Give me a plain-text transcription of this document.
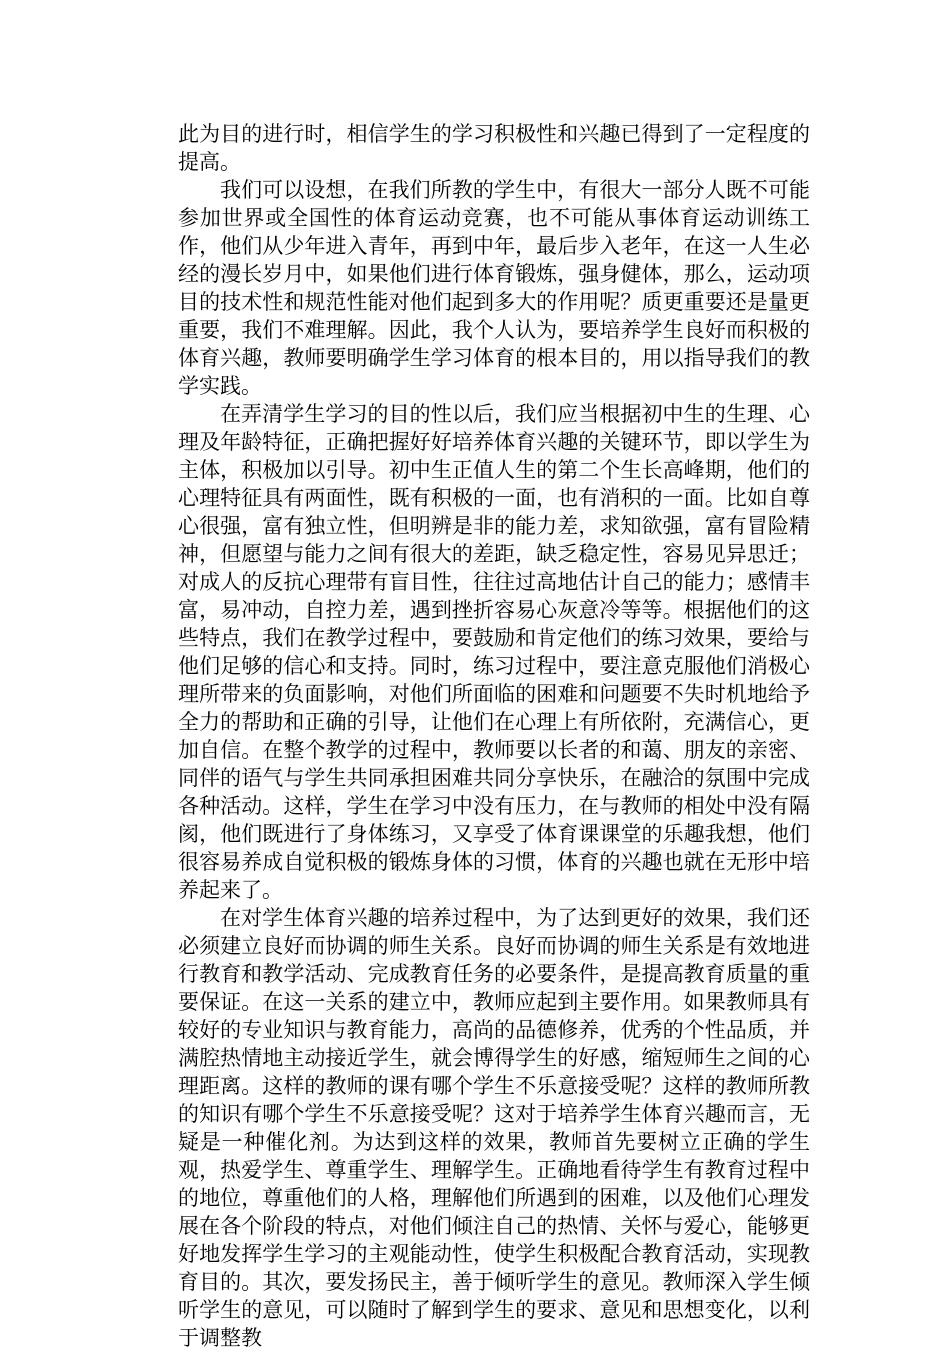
此为目的进行时，相信学生的学习积极性和兴趣已得到了一定程度的提高。

我们可以设想，在我们所教的学生中，有很大一部分人既不可能参加世界或全国性的体育运动竞赛，也不可能从事体育运动训练工作，他们从少年进入青年，再到中年，最后步入老年，在这一人生必经的漫长岁月中，如果他们进行体育锻炼，强身健体，那么，运动项目的技术性和规范性能对他们起到多大的作用呢？质更重要还是量更重要，我们不难理解。因此，我个人认为，要培养学生良好而积极的体育兴趣，教师要明确学生学习体育的根本目的，用以指导我们的教学实践。

在弄清学生学习的目的性以后，我们应当根据初中生的生理、心理及年龄特征，正确把握好好培养体育兴趣的关键环节，即以学生为主体，积极加以引导。初中生正值人生的第二个生长高峰期，他们的心理特征具有两面性，既有积极的一面，也有消积的一面。比如自尊心很强，富有独立性，但明辨是非的能力差，求知欲强，富有冒险精神，但愿望与能力之间有很大的差距，缺乏稳定性，容易见异思迁；对成人的反抗心理带有盲目性，往往过高地估计自己的能力；感情丰富，易冲动，自控力差，遇到挫折容易心灰意冷等等。根据他们的这些特点，我们在教学过程中，要鼓励和肯定他们的练习效果，要给与他们足够的信心和支持。同时，练习过程中，要注意克服他们消极心理所带来的负面影响，对他们所面临的困难和问题要不失时机地给予全力的帮助和正确的引导，让他们在心理上有所依附，充满信心，更加自信。在整个教学的过程中，教师要以长者的和蔼、朋友的亲密、同伴的语气与学生共同承担困难共同分享快乐，在融洽的氛围中完成各种活动。这样，学生在学习中没有压力，在与教师的相处中没有隔阂，他们既进行了身体练习，又享受了体育课课堂的乐趣我想，他们很容易养成自觉积极的锻炼身体的习惯，体育的兴趣也就在无形中培养起来了。

在对学生体育兴趣的培养过程中，为了达到更好的效果，我们还必须建立良好而协调的师生关系。良好而协调的师生关系是有效地进行教育和教学活动、完成教育任务的必要条件，是提高教育质量的重要保证。在这一关系的建立中，教师应起到主要作用。如果教师具有较好的专业知识与教育能力，高尚的品德修养，优秀的个性品质，并满腔热情地主动接近学生，就会博得学生的好感，缩短师生之间的心理距离。这样的教师的课有哪个学生不乐意接受呢？这样的教师所教的知识有哪个学生不乐意接受呢？这对于培养学生体育兴趣而言，无疑是一种催化剂。为达到这样的效果，教师首先要树立正确的学生观，热爱学生、尊重学生、理解学生。正确地看待学生有教育过程中的地位，尊重他们的人格，理解他们所遇到的困难，以及他们心理发展在各个阶段的特点，对他们倾注自己的热情、关怀与爱心，能够更好地发挥学生学习的主观能动性，使学生积极配合教育活动，实现教育目的。其次，要发扬民主，善于倾听学生的意见。教师深入学生倾听学生的意见，可以随时了解到学生的要求、意见和思想变化，以利于调整教
